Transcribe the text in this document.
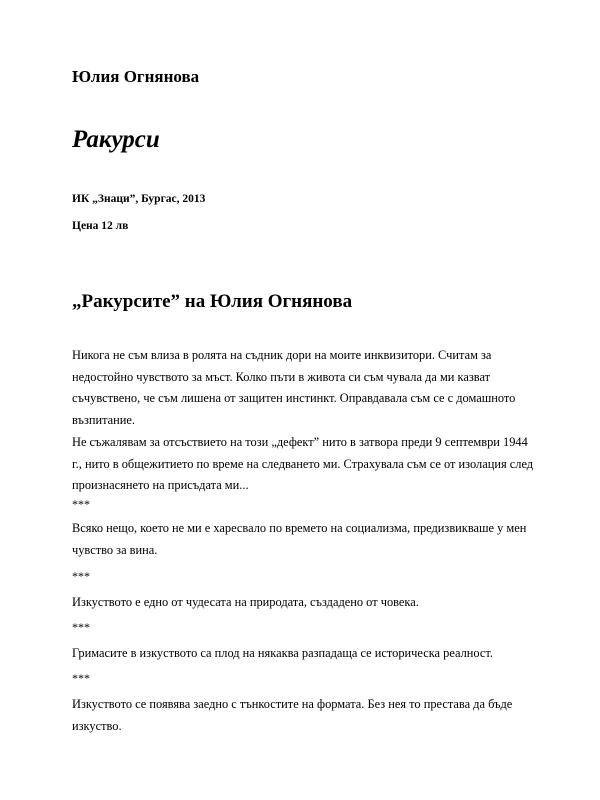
Юлия Огнянова
Ракурси
ИК „Знаци”, Бургас, 2013
Цена 12 лв
„Ракурсите” на Юлия Огнянова
Никога не съм влиза в ролята на съдник дори на моите инквизитори. Считам за
недостойно чувството за мъст. Колко пъти в живота си съм чувала да ми казват
съчувствено, че съм лишена от защитен инстинкт. Оправдавала съм се с домашното
възпитание.
Не съжалявам за отсъствието на този „дефект” нито в затвора преди 9 септември 1944
г., нито в общежитието по време на следването ми. Страхувала съм се от изолация след
произнасянето на присъдата ми...
***
Всяко нещо, което не ми е харесвало по времето на социализма, предизвикваше у мен
чувство за вина.
***
Изкуството е едно от чудесата на природата, създадено от човека.
***
Гримасите в изкуството са плод на някаква разпадаща се историческа реалност.
***
Изкуството се появява заедно с тънкостите на формата. Без нея то престава да бъде
изкуство.
